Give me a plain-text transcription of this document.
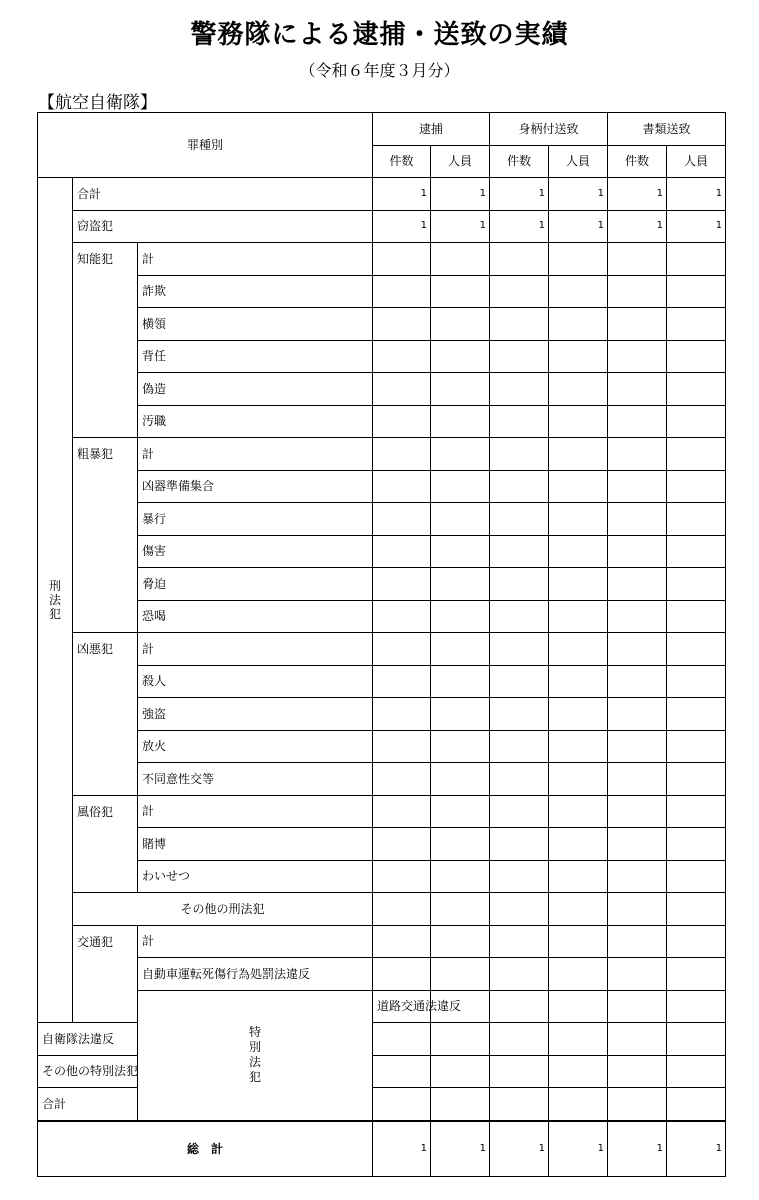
警務隊による逮捕・送致の実績
（令和６年度３月分）
【航空自衛隊】
罪種別			逮捕		身柄付送致		書類送致		
			件数	人員	件数	人員	件数	人員	

刑
法
犯	合計		1	1	1	1	1	1	
	窃盗犯		1	1	1	1	1	1	
	知能犯	計							
		詐欺							
		横領							
		背任							
		偽造							
		汚職							
	粗暴犯	計							
		凶器準備集合							
		暴行							
		傷害							
		脅迫							
		恐喝							
	凶悪犯	計							
		殺人							
		強盗							
		放火							
		不同意性交等							
	風俗犯	計							
		賭博							
		わいせつ							
	その他の刑法犯								
	交通犯	計							
		自動車運転死傷行為処罰法違反							

		特
別
法
犯	道路交通法違反						
自衛隊法違反									
その他の特別法犯									
合計									
総　計			1	1	1	1	1	1	
